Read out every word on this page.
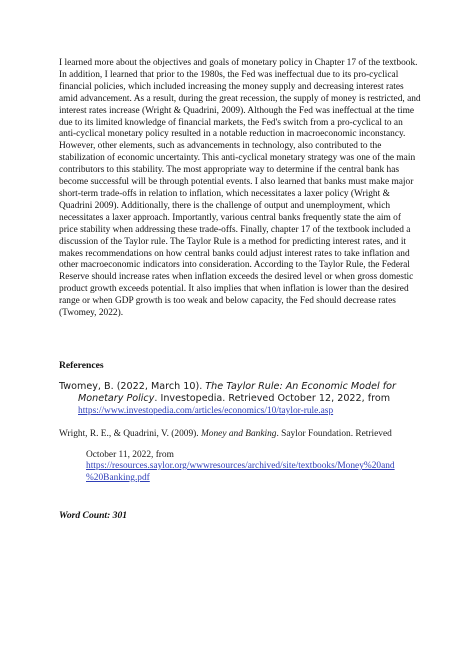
I learned more about the objectives and goals of monetary policy in Chapter 17 of the textbook. In addition, I learned that prior to the 1980s, the Fed was ineffectual due to its pro-cyclical financial policies, which included increasing the money supply and decreasing interest rates amid advancement. As a result, during the great recession, the supply of money is restricted, and interest rates increase (Wright & Quadrini, 2009). Although the Fed was ineffectual at the time due to its limited knowledge of financial markets, the Fed's switch from a pro-cyclical to an anti-cyclical monetary policy resulted in a notable reduction in macroeconomic inconstancy. However, other elements, such as advancements in technology, also contributed to the stabilization of economic uncertainty. This anti-cyclical monetary strategy was one of the main contributors to this stability. The most appropriate way to determine if the central bank has become successful will be through potential events. I also learned that banks must make major short-term trade-offs in relation to inflation, which necessitates a laxer policy (Wright & Quadrini 2009). Additionally, there is the challenge of output and unemployment, which necessitates a laxer approach. Importantly, various central banks frequently state the aim of price stability when addressing these trade-offs. Finally, chapter 17 of the textbook included a discussion of the Taylor rule. The Taylor Rule is a method for predicting interest rates, and it makes recommendations on how central banks could adjust interest rates to take inflation and other macroeconomic indicators into consideration. According to the Taylor Rule, the Federal Reserve should increase rates when inflation exceeds the desired level or when gross domestic product growth exceeds potential. It also implies that when inflation is lower than the desired range or when GDP growth is too weak and below capacity, the Fed should decrease rates (Twomey, 2022).

References

Twomey, B. (2022, March 10). The Taylor Rule: An Economic Model for
Monetary Policy. Investopedia. Retrieved October 12, 2022, from
https://www.investopedia.com/articles/economics/10/taylor-rule.asp
Wright, R. E., & Quadrini, V. (2009). Money and Banking. Saylor Foundation. Retrieved
October 11, 2022, from
https://resources.saylor.org/wwwresources/archived/site/textbooks/Money%20and
%20Banking.pdf

Word Count: 301
